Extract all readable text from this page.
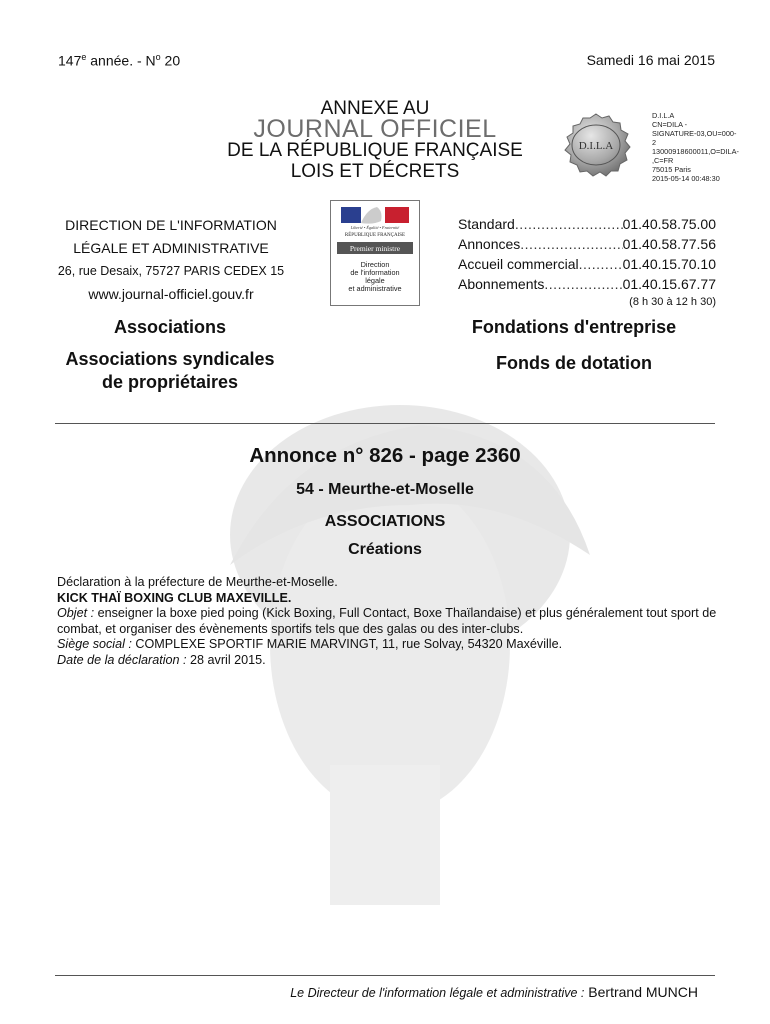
147e année. - $N^o$ 20	Samedi 16 mai 2015
ANNEXE AU
JOURNAL OFFICIEL
DE LA RÉPUBLIQUE FRANÇAISE
LOIS ET DÉCRETS
D.I.L.A
D.I.L.A
CN=DILA -
SIGNATURE-03,OU=000-
2
13000918600011,O=DILA-
,C=FR
75015 Paris
2015-05-14 00:48:30
DIRECTION DE L'INFORMATION
LÉGALE ET ADMINISTRATIVE
26, rue Desaix, 75727 PARIS CEDEX 15
www.journal-officiel.gouv.fr
Liberté • Égalité • Fraternité
RÉPUBLIQUE FRANÇAISE
Premier ministre
Direction
de l'information
légale
et administrative
Standard .....	01.40.58.75.00
Annonces .....	01.40.58.77.56
Accueil commercial .....	01.40.15.70.10
Abonnements .....	01.40.15.67.77
(8 h 30 à 12 h 30)
Associations
Associations syndicales
de propriétaires
Fondations d'entreprise
Fonds de dotation
Annonce n° 826 - page 2360
54 - Meurthe-et-Moselle
ASSOCIATIONS
Créations
Déclaration à la préfecture de Meurthe-et-Moselle.
KICK THAÏ BOXING CLUB MAXEVILLE.
Objet : enseigner la boxe pied poing (Kick Boxing, Full Contact, Boxe Thaïlandaise) et plus généralement tout sport de combat, et organiser des évènements sportifs tels que des galas ou des inter-clubs.
Siège social : COMPLEXE SPORTIF MARIE MARVINGT, 11, rue Solvay, 54320 Maxéville.
Date de la déclaration : 28 avril 2015.
Le Directeur de l'information légale et administrative : Bertrand MUNCH
